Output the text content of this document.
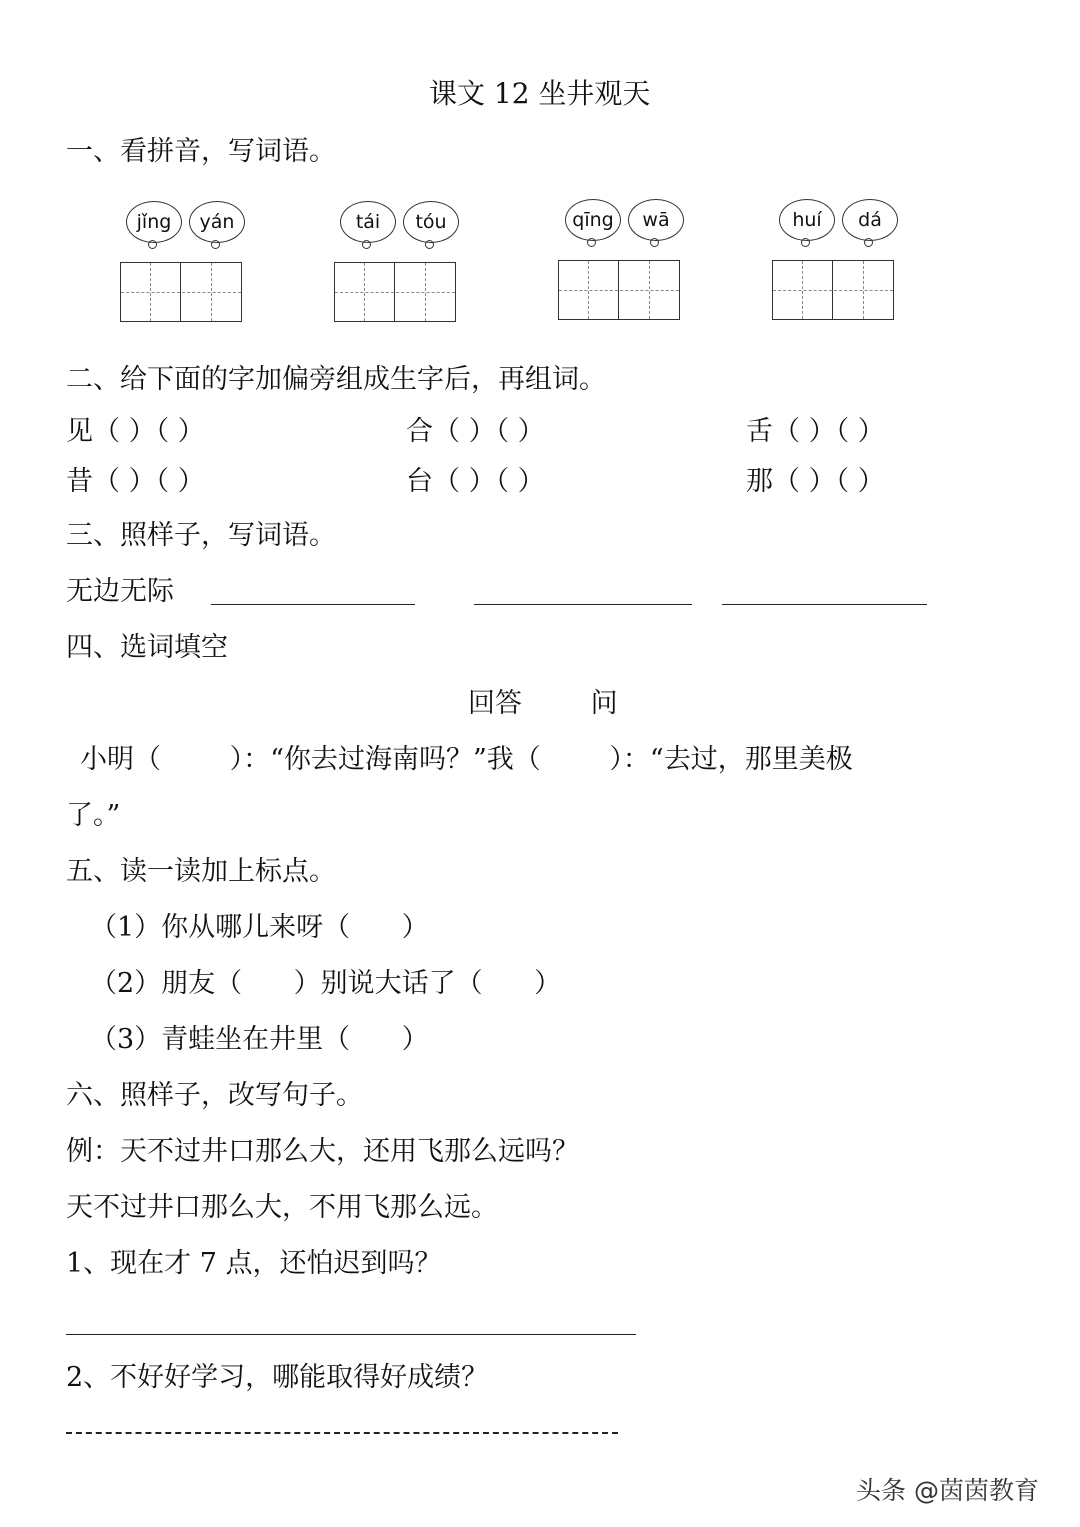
课文 12 坐井观天
一、看拼音，写词语。
jǐng	yán	tái	tóu	qīng	wā	huí	dá
二、给下面的字加偏旁组成生字后，再组词。
见（ ）（ ）	合（ ）（ ）	舌（ ）（ ）
昔（ ）（ ）	台（ ）（ ）	那（ ）（ ）
三、照样子，写词语。
无边无际
四、选词填空
回答        问
小明（        ）：“你去过海南吗？”我（        ）：“去过，那里美极
了。”
五、读一读加上标点。
（1）你从哪儿来呀（      ）
（2）朋友（      ）别说大话了（      ）
（3）青蛙坐在井里（      ）
六、照样子，改写句子。
例：天不过井口那么大，还用飞那么远吗？
天不过井口那么大，不用飞那么远。
1、现在才 7 点，还怕迟到吗？
2、不好好学习，哪能取得好成绩？
头条 @茵茵教育
